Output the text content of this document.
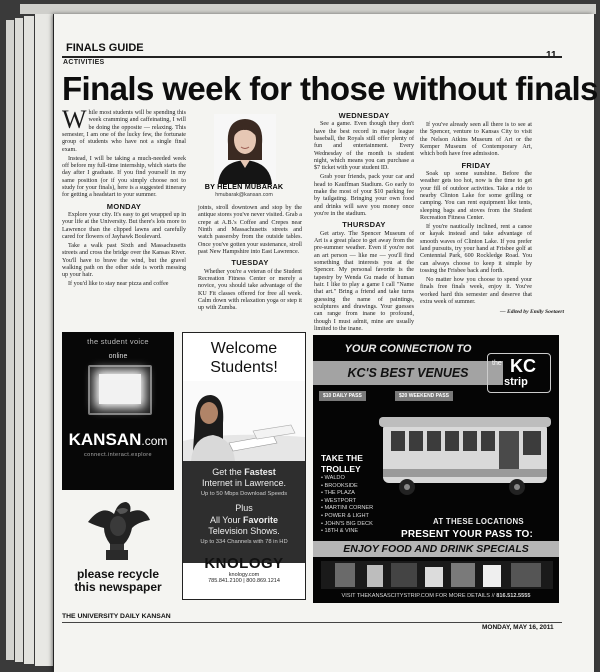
FINALS GUIDE
ACTIVITIES
Finals week for those without finals

While most students will be spending this week cramming and caffeinating, I will be doing the opposite — relaxing. This semester, I am one of the lucky few, the fortunate group of students who have not a single final exam.

Instead, I will be taking a much-needed week off before my full-time internship, which starts the day after I graduate. If you find yourself in my same position (or if you simply choose not to study for your finals), here is a suggested itinerary for getting a headstart to your summer.

MONDAY

Explore your city. It's easy to get wrapped up in your life at the University. But there's lots more to Lawrence than the clipped lawns and carefully cared for flowers of Jayhawk Boulevard.

Take a walk past Sixth and Massachusetts streets and cross the bridge over the Kansas River. You'll have to brave the wind, but the gravel walking path on the other side is worth messing up your hair.

If you'd like to stay near pizza and coffee

BY HELEN MUBARAK
hmubarak@kansan.com

joints, stroll downtown and stop by the antique stores you've never visited. Grab a crepe at A.B.'s Coffee and Crepes near Ninth and Massachusetts streets and watch passersby from the outside tables. Once you've gotten your sustenance, stroll past New Hampshire into East Lawrence.

TUESDAY

Whether you're a veteran of the Student Recreation Fitness Center or merely a novice, you should take advantage of the KU Fit classes offered for free all week. Calm down with relaxation yoga or step it up with Zumba.

WEDNESDAY

See a game. Even though they don't have the best record in major league baseball, the Royals still offer plenty of fun and entertainment. Every Wednesday of the month is student night, which means you can purchase a $7 ticket with your student ID.

Grab your friends, pack your car and head to Kauffman Stadium. Go early to make the most of your $10 parking fee by tailgating. Bringing your own food and drinks will save you money once you're in the stadium.

THURSDAY

Get artsy. The Spencer Museum of Art is a great place to get away from the pre-summer weather. Even if you're not an art person — like me — you'll find something that interests you at the Spencer. My personal favorite is the tapestry by Wenda Gu made of human hair. I like to play a game I call "Name that art." Bring a friend and take turns guessing the name of paintings, sculptures and drawings. Your guesses can range from inane to profound, though I must admit, mine are usually limited to the inane.

If you've already seen all there is to see at the Spencer, venture to Kansas City to visit the Nelson Atkins Museum of Art or the Kemper Museum of Contemporary Art, which both have free admission.

FRIDAY

Soak up some sunshine. Before the weather gets too hot, now is the time to get your fill of outdoor activities. Take a ride to nearby Clinton Lake for some grilling or camping. You can rent equipment like tents, sleeping bags and stoves from the Student Recreation Fitness Center.

If you're nautically inclined, rent a canoe or kayak instead and take advantage of smooth waves of Clinton Lake. If you prefer land pursuits, try your hand at Frisbee golf at Centennial Park, 600 Rockledge Road. You can always choose to keep it simple by tossing the Frisbee back and forth.

No matter how you choose to spend your finals free finals week, enjoy it. You've worked hard this semester and deserve that extra week of summer.

— Edited by Emily Soetaert
the student voice
online
KANSAN.com
connect.interact.explore
please recycle
this newspaper
Welcome
Students!
Get the Fastest
Internet in Lawrence.
Up to 50 Mbps Download Speeds
Plus
All Your Favorite
Television Shows.
Up to 334 Channels with 78 in HD
KNOLOGY
knology.com
785.841.2100 | 800.869.1214
YOUR CONNECTION TO
KC'S BEST VENUES
the KC
strip
$10 DAILY PASS	$20 WEEKEND PASS
TAKE THE
TROLLEY
• WALDO
• BROOKSIDE
• THE PLAZA
• WESTPORT
• MARTINI CORNER
• POWER & LIGHT
• JOHN'S BIG DECK
• 18TH & VINE
AT THESE LOCATIONS
PRESENT YOUR PASS TO:
ENJOY FOOD AND DRINK SPECIALS
VISIT THEKANSASCITYSTRIP.COM FOR MORE DETAILS // 816.512.5555
THE UNIVERSITY DAILY KANSAN
MONDAY, MAY 16, 2011
